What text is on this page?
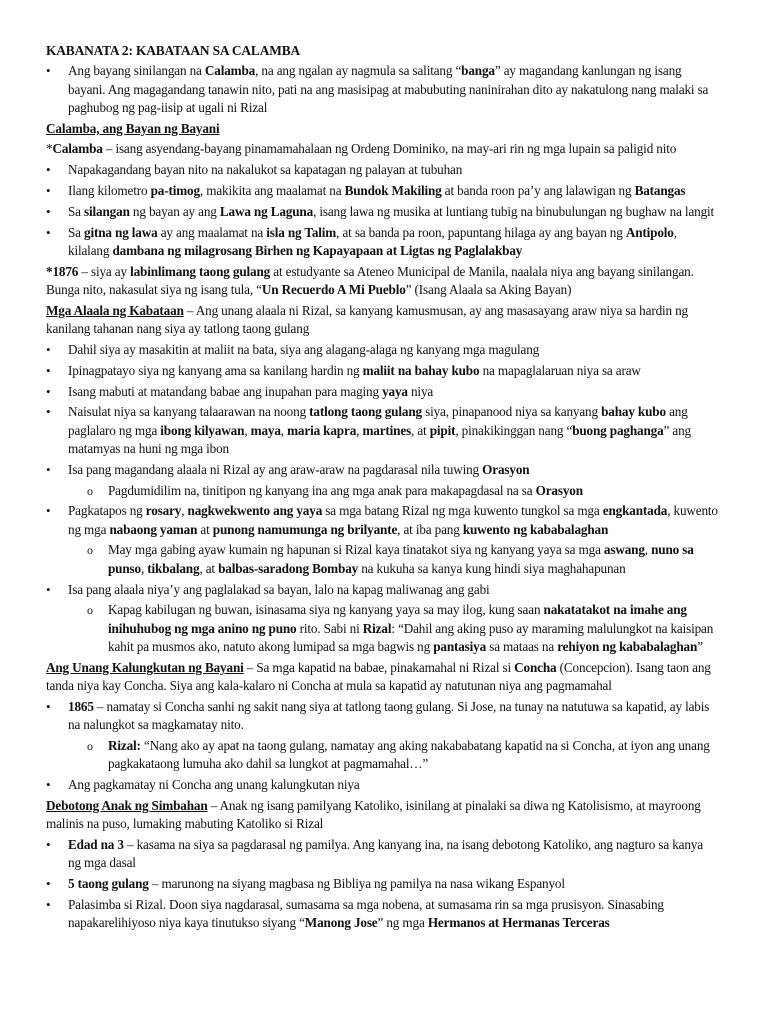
KABANATA 2: KABATAAN SA CALAMBA
• Ang bayang sinilangan na Calamba, na ang ngalan ay nagmula sa salitang “banga” ay magandang kanlungan ng isang bayani. Ang magagandang tanawin nito, pati na ang masisipag at mabubuting naninirahan dito ay nakatulong nang malaki sa paghubog ng pag-iisip at ugali ni Rizal
Calamba, ang Bayan ng Bayani
*Calamba – isang asyendang-bayang pinamamahalaan ng Ordeng Dominiko, na may-ari rin ng mga lupain sa paligid nito
• Napakagandang bayan nito na nakalukot sa kapatagan ng palayan at tubuhan
• Ilang kilometro pa-timog, makikita ang maalamat na Bundok Makiling at banda roon pa’y ang lalawigan ng Batangas
• Sa silangan ng bayan ay ang Lawa ng Laguna, isang lawa ng musika at luntiang tubig na binubulungan ng bughaw na langit
• Sa gitna ng lawa ay ang maalamat na isla ng Talim, at sa banda pa roon, papuntang hilaga ay ang bayan ng Antipolo, kilalang dambana ng milagrosang Birhen ng Kapayapaan at Ligtas ng Paglalakbay
*1876 – siya ay labinlimang taong gulang at estudyante sa Ateneo Municipal de Manila, naalala niya ang bayang sinilangan. Bunga nito, nakasulat siya ng isang tula, “Un Recuerdo A Mi Pueblo” (Isang Alaala sa Aking Bayan)
Mga Alaala ng Kabataan – Ang unang alaala ni Rizal, sa kanyang kamusmusan, ay ang masasayang araw niya sa hardin ng kanilang tahanan nang siya ay tatlong taong gulang
• Dahil siya ay masakitin at maliit na bata, siya ang alagang-alaga ng kanyang mga magulang
• Ipinagpatayo siya ng kanyang ama sa kanilang hardin ng maliit na bahay kubo na mapaglalaruan niya sa araw
• Isang mabuti at matandang babae ang inupahan para maging yaya niya
• Naisulat niya sa kanyang talaarawan na noong tatlong taong gulang siya, pinapanood niya sa kanyang bahay kubo ang paglalaro ng mga ibong kilyawan, maya, maria kapra, martines, at pipit, pinakikinggan nang “buong paghanga” ang matamyas na huni ng mga ibon
• Isa pang magandang alaala ni Rizal ay ang araw-araw na pagdarasal nila tuwing Orasyon
o Pagdumidilim na, tinitipon ng kanyang ina ang mga anak para makapagdasal na sa Orasyon
• Pagkatapos ng rosary, nagkwekwento ang yaya sa mga batang Rizal ng mga kuwento tungkol sa mga engkantada, kuwento ng mga nabaong yaman at punong namumunga ng brilyante, at iba pang kuwento ng kababalaghan
o May mga gabing ayaw kumain ng hapunan si Rizal kaya tinatakot siya ng kanyang yaya sa mga aswang, nuno sa punso, tikbalang, at balbas-saradong Bombay na kukuha sa kanya kung hindi siya maghahapunan
• Isa pang alaala niya’y ang paglalakad sa bayan, lalo na kapag maliwanag ang gabi
o Kapag kabilugan ng buwan, isinasama siya ng kanyang yaya sa may ilog, kung saan nakatatakot na imahe ang inihuhubog ng mga anino ng puno rito. Sabi ni Rizal: “Dahil ang aking puso ay maraming malulungkot na kaisipan kahit pa musmos ako, natuto akong lumipad sa mga bagwis ng pantasiya sa mataas na rehiyon ng kababalaghan”
Ang Unang Kalungkutan ng Bayani – Sa mga kapatid na babae, pinakamahal ni Rizal si Concha (Concepcion). Isang taon ang tanda niya kay Concha. Siya ang kala-kalaro ni Concha at mula sa kapatid ay natutunan niya ang pagmamahal
• 1865 – namatay si Concha sanhi ng sakit nang siya at tatlong taong gulang. Si Jose, na tunay na natutuwa sa kapatid, ay labis na nalungkot sa magkamatay nito.
o Rizal: “Nang ako ay apat na taong gulang, namatay ang aking nakababatang kapatid na si Concha, at iyon ang unang pagkakataong lumuha ako dahil sa lungkot at pagmamahal…”
• Ang pagkamatay ni Concha ang unang kalungkutan niya
Debotong Anak ng Simbahan – Anak ng isang pamilyang Katoliko, isinilang at pinalaki sa diwa ng Katolisismo, at mayroong malinis na puso, lumaking mabuting Katoliko si Rizal
• Edad na 3 – kasama na siya sa pagdarasal ng pamilya. Ang kanyang ina, na isang debotong Katoliko, ang nagturo sa kanya ng mga dasal
• 5 taong gulang – marunong na siyang magbasa ng Bibliya ng pamilya na nasa wikang Espanyol
• Palasimba si Rizal. Doon siya nagdarasal, sumasama sa mga nobena, at sumasama rin sa mga prusisyon. Sinasabing napakarelihiyoso niya kaya tinutukso siyang “Manong Jose” ng mga Hermanos at Hermanas Terceras
